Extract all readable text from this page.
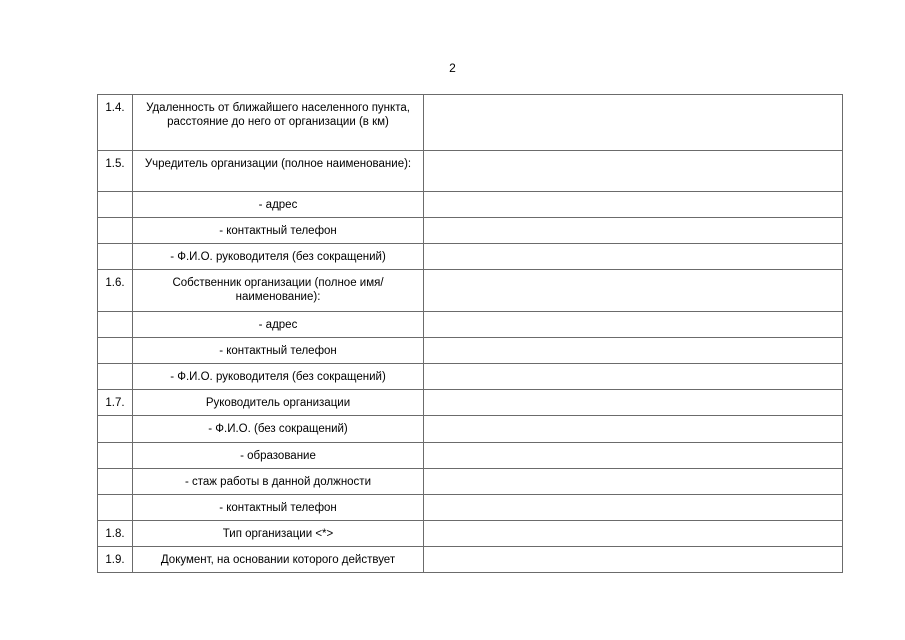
2
1.4.	Удаленность от ближайшего населенного пункта, расстояние до него от организации (в км)	
1.5.	Учредитель организации (полное наименование):	
	- адрес	
	- контактный телефон	
	- Ф.И.О. руководителя (без сокращений)	
1.6.	Собственник организации (полное имя/наименование):	
	- адрес	
	- контактный телефон	
	- Ф.И.О. руководителя (без сокращений)	
1.7.	Руководитель организации	
	- Ф.И.О. (без сокращений)	
	- образование	
	- стаж работы в данной должности	
	- контактный телефон	
1.8.	Тип организации <*>	
1.9.	Документ, на основании которого действует	
